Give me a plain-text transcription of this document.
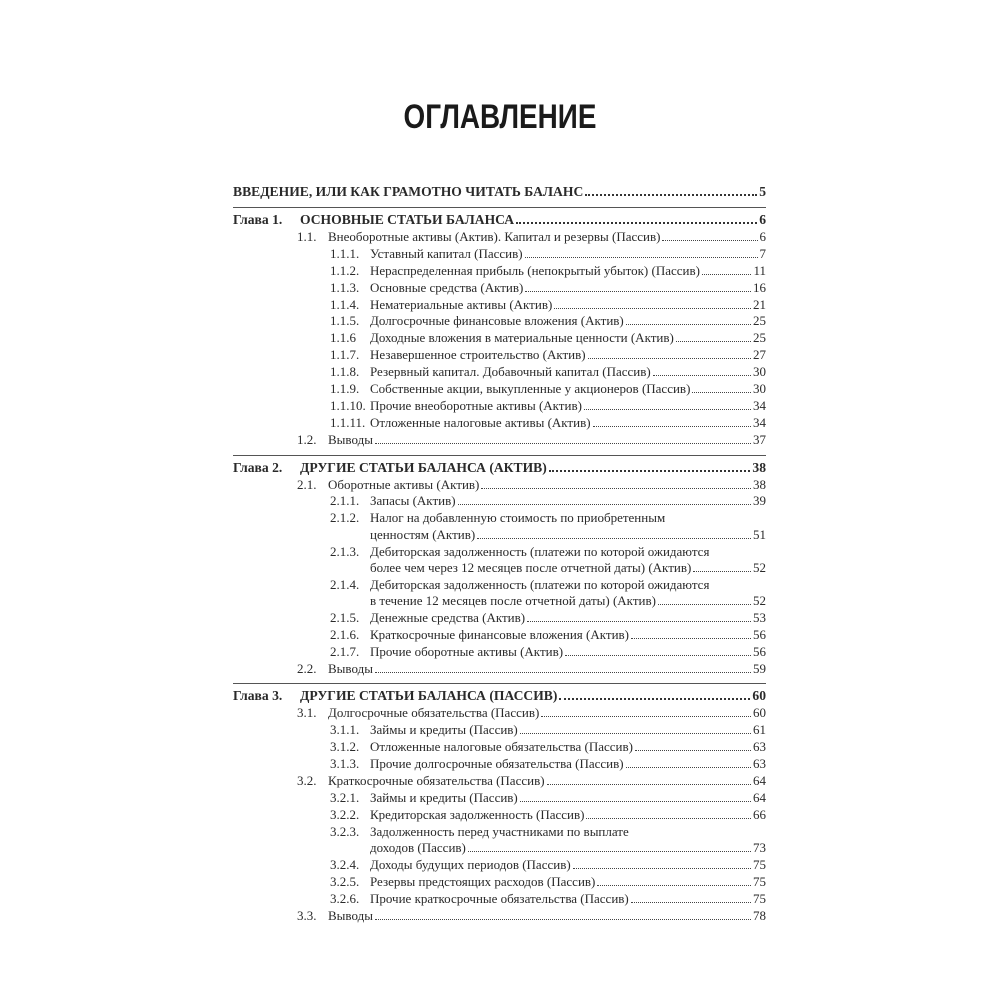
ОГЛАВЛЕНИЕ
ВВЕДЕНИЕ, ИЛИ КАК ГРАМОТНО ЧИТАТЬ БАЛАНС	5
Глава 1. ОСНОВНЫЕ СТАТЬИ БАЛАНСА	6
1.1. Внеоборотные активы (Актив). Капитал и резервы (Пассив)	6
1.1.1. Уставный капитал (Пассив)	7
1.1.2. Нераспределенная прибыль (непокрытый убыток) (Пассив)	11
1.1.3. Основные средства (Актив)	16
1.1.4. Нематериальные активы (Актив)	21
1.1.5. Долгосрочные финансовые вложения (Актив)	25
1.1.6 Доходные вложения в материальные ценности (Актив)	25
1.1.7. Незавершенное строительство (Актив)	27
1.1.8. Резервный капитал. Добавочный капитал (Пассив)	30
1.1.9. Собственные акции, выкупленные у акционеров (Пассив)	30
1.1.10. Прочие внеоборотные активы (Актив)	34
1.1.11. Отложенные налоговые активы (Актив)	34
1.2. Выводы	37
Глава 2. ДРУГИЕ СТАТЬИ БАЛАНСА (АКТИВ)	38
2.1. Оборотные активы (Актив)	38
2.1.1. Запасы (Актив)	39
2.1.2. Налог на добавленную стоимость по приобретенным
ценностям (Актив)	51
2.1.3. Дебиторская задолженность (платежи по которой ожидаются
более чем через 12 месяцев после отчетной даты) (Актив)	52
2.1.4. Дебиторская задолженность (платежи по которой ожидаются
в течение 12 месяцев после отчетной даты) (Актив)	52
2.1.5. Денежные средства (Актив)	53
2.1.6. Краткосрочные финансовые вложения (Актив)	56
2.1.7. Прочие оборотные активы (Актив)	56
2.2. Выводы	59
Глава 3. ДРУГИЕ СТАТЬИ БАЛАНСА (ПАССИВ)	60
3.1. Долгосрочные обязательства (Пассив)	60
3.1.1. Займы и кредиты (Пассив)	61
3.1.2. Отложенные налоговые обязательства (Пассив)	63
3.1.3. Прочие долгосрочные обязательства (Пассив)	63
3.2. Краткосрочные обязательства (Пассив)	64
3.2.1. Займы и кредиты (Пассив)	64
3.2.2. Кредиторская задолженность (Пассив)	66
3.2.3. Задолженность перед участниками по выплате
доходов (Пассив)	73
3.2.4. Доходы будущих периодов (Пассив)	75
3.2.5. Резервы предстоящих расходов (Пассив)	75
3.2.6. Прочие краткосрочные обязательства (Пассив)	75
3.3. Выводы	78
